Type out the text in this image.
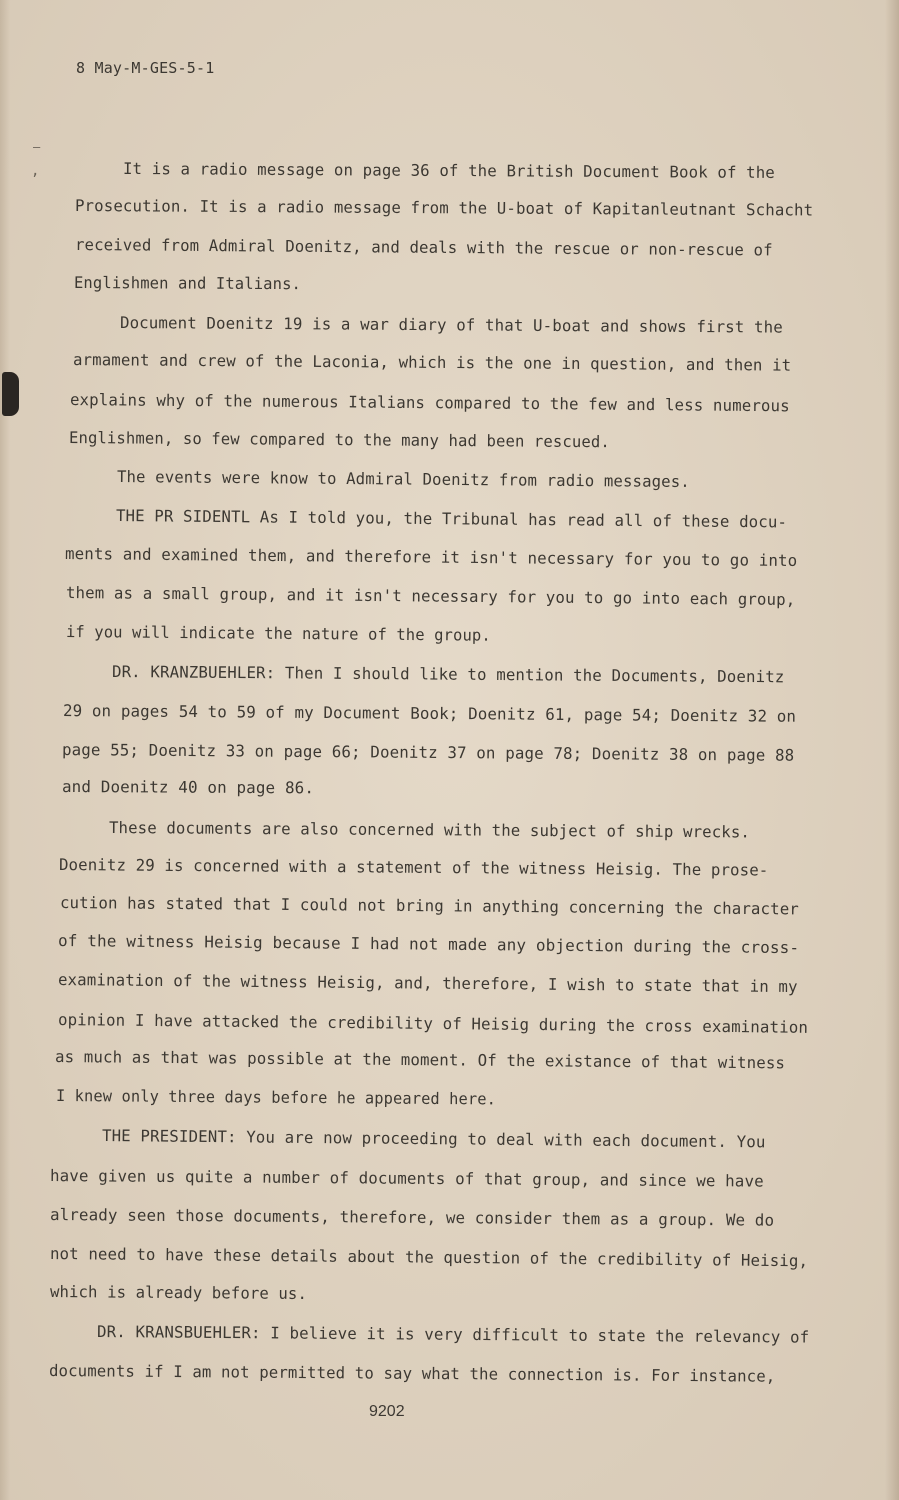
–
,
8 May-M-GES-5-1
It is a radio message on page 36 of the British Document Book of the
Prosecution. It is a radio message from the U-boat of Kapitanleutnant Schacht
received from Admiral Doenitz, and deals with the rescue or non-rescue of
Englishmen and Italians.
Document Doenitz 19 is a war diary of that U-boat and shows first the
armament and crew of the Laconia, which is the one in question, and then it
explains why of the numerous Italians compared to the few and less numerous
Englishmen, so few compared to the many had been rescued.
The events were know to Admiral Doenitz from radio messages.
THE PR SIDENTL As I told you, the Tribunal has read all of these docu-
ments and examined them, and therefore it isn't necessary for you to go into
them as a small group, and it isn't necessary for you to go into each group,
if you will indicate the nature of the group.
DR. KRANZBUEHLER: Then I should like to mention the Documents, Doenitz
29 on pages 54 to 59 of my Document Book; Doenitz 61, page 54; Doenitz 32 on
page 55; Doenitz 33 on page 66; Doenitz 37 on page 78; Doenitz 38 on page 88
and Doenitz 40 on page 86.
These documents are also concerned with the subject of ship wrecks.
Doenitz 29 is concerned with a statement of the witness Heisig. The prose-
cution has stated that I could not bring in anything concerning the character
of the witness Heisig because I had not made any objection during the cross-
examination of the witness Heisig, and, therefore, I wish to state that in my
opinion I have attacked the credibility of Heisig during the cross examination
as much as that was possible at the moment. Of the existance of that witness
I knew only three days before he appeared here.
THE PRESIDENT: You are now proceeding to deal with each document. You
have given us quite a number of documents of that group, and since we have
already seen those documents, therefore, we consider them as a group. We do
not need to have these details about the question of the credibility of Heisig,
which is already before us.
DR. KRANSBUEHLER: I believe it is very difficult to state the relevancy of
documents if I am not permitted to say what the connection is. For instance,
9202
